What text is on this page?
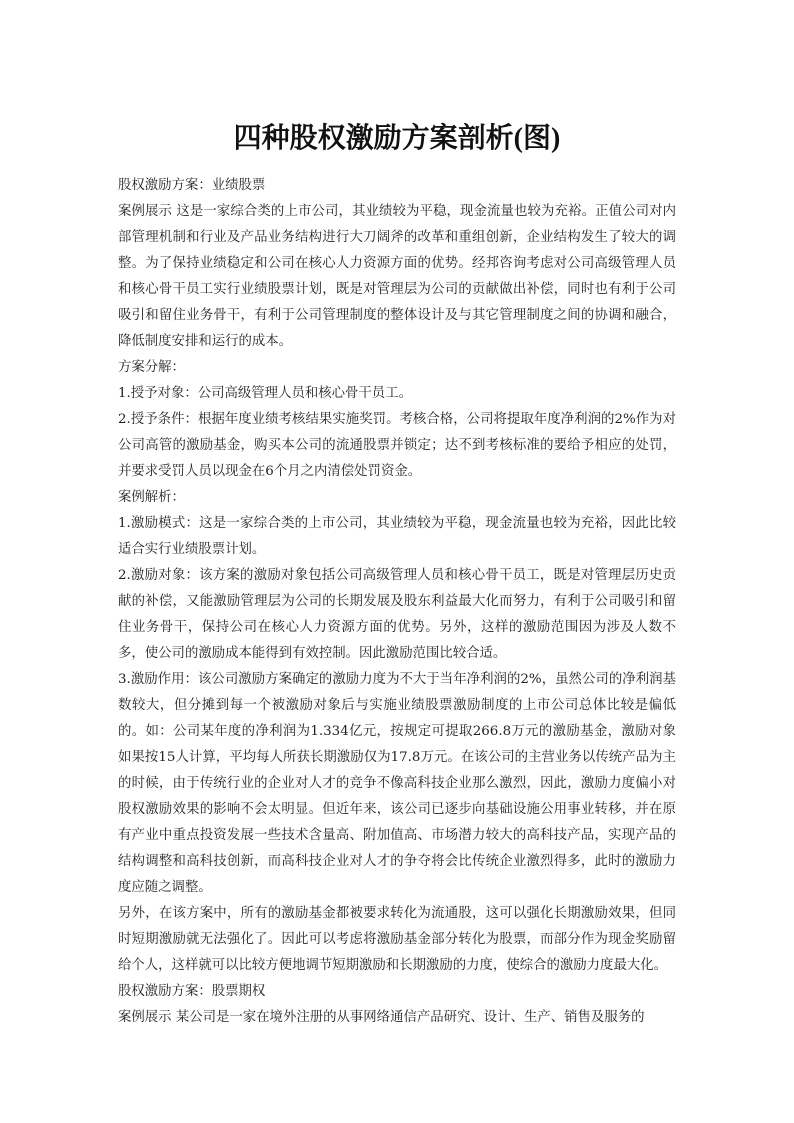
四种股权激励方案剖析(图)

股权激励方案：业绩股票

案例展示 这是一家综合类的上市公司，其业绩较为平稳，现金流量也较为充裕。正值公司对内部管理机制和行业及产品业务结构进行大刀阔斧的改革和重组创新，企业结构发生了较大的调整。为了保持业绩稳定和公司在核心人力资源方面的优势。经邦咨询考虑对公司高级管理人员和核心骨干员工实行业绩股票计划，既是对管理层为公司的贡献做出补偿，同时也有利于公司吸引和留住业务骨干，有利于公司管理制度的整体设计及与其它管理制度之间的协调和融合，降低制度安排和运行的成本。

方案分解：

1.授予对象：公司高级管理人员和核心骨干员工。

2.授予条件：根据年度业绩考核结果实施奖罚。考核合格，公司将提取年度净利润的2%作为对公司高管的激励基金，购买本公司的流通股票并锁定；达不到考核标准的要给予相应的处罚，并要求受罚人员以现金在6个月之内清偿处罚资金。

案例解析：

1.激励模式：这是一家综合类的上市公司，其业绩较为平稳，现金流量也较为充裕，因此比较适合实行业绩股票计划。

2.激励对象：该方案的激励对象包括公司高级管理人员和核心骨干员工，既是对管理层历史贡献的补偿，又能激励管理层为公司的长期发展及股东利益最大化而努力，有利于公司吸引和留住业务骨干，保持公司在核心人力资源方面的优势。另外，这样的激励范围因为涉及人数不多，使公司的激励成本能得到有效控制。因此激励范围比较合适。

3.激励作用：该公司激励方案确定的激励力度为不大于当年净利润的2%，虽然公司的净利润基数较大，但分摊到每一个被激励对象后与实施业绩股票激励制度的上市公司总体比较是偏低的。如：公司某年度的净利润为1.334亿元，按规定可提取266.8万元的激励基金，激励对象如果按15人计算，平均每人所获长期激励仅为17.8万元。在该公司的主营业务以传统产品为主的时候，由于传统行业的企业对人才的竞争不像高科技企业那么激烈，因此，激励力度偏小对股权激励效果的影响不会太明显。但近年来，该公司已逐步向基础设施公用事业转移，并在原有产业中重点投资发展一些技术含量高、附加值高、市场潜力较大的高科技产品，实现产品的结构调整和高科技创新，而高科技企业对人才的争夺将会比传统企业激烈得多，此时的激励力度应随之调整。

另外，在该方案中，所有的激励基金都被要求转化为流通股，这可以强化长期激励效果，但同时短期激励就无法强化了。因此可以考虑将激励基金部分转化为股票，而部分作为现金奖励留给个人，这样就可以比较方便地调节短期激励和长期激励的力度，使综合的激励力度最大化。

股权激励方案：股票期权

案例展示 某公司是一家在境外注册的从事网络通信产品研究、设计、生产、销售及服务的
